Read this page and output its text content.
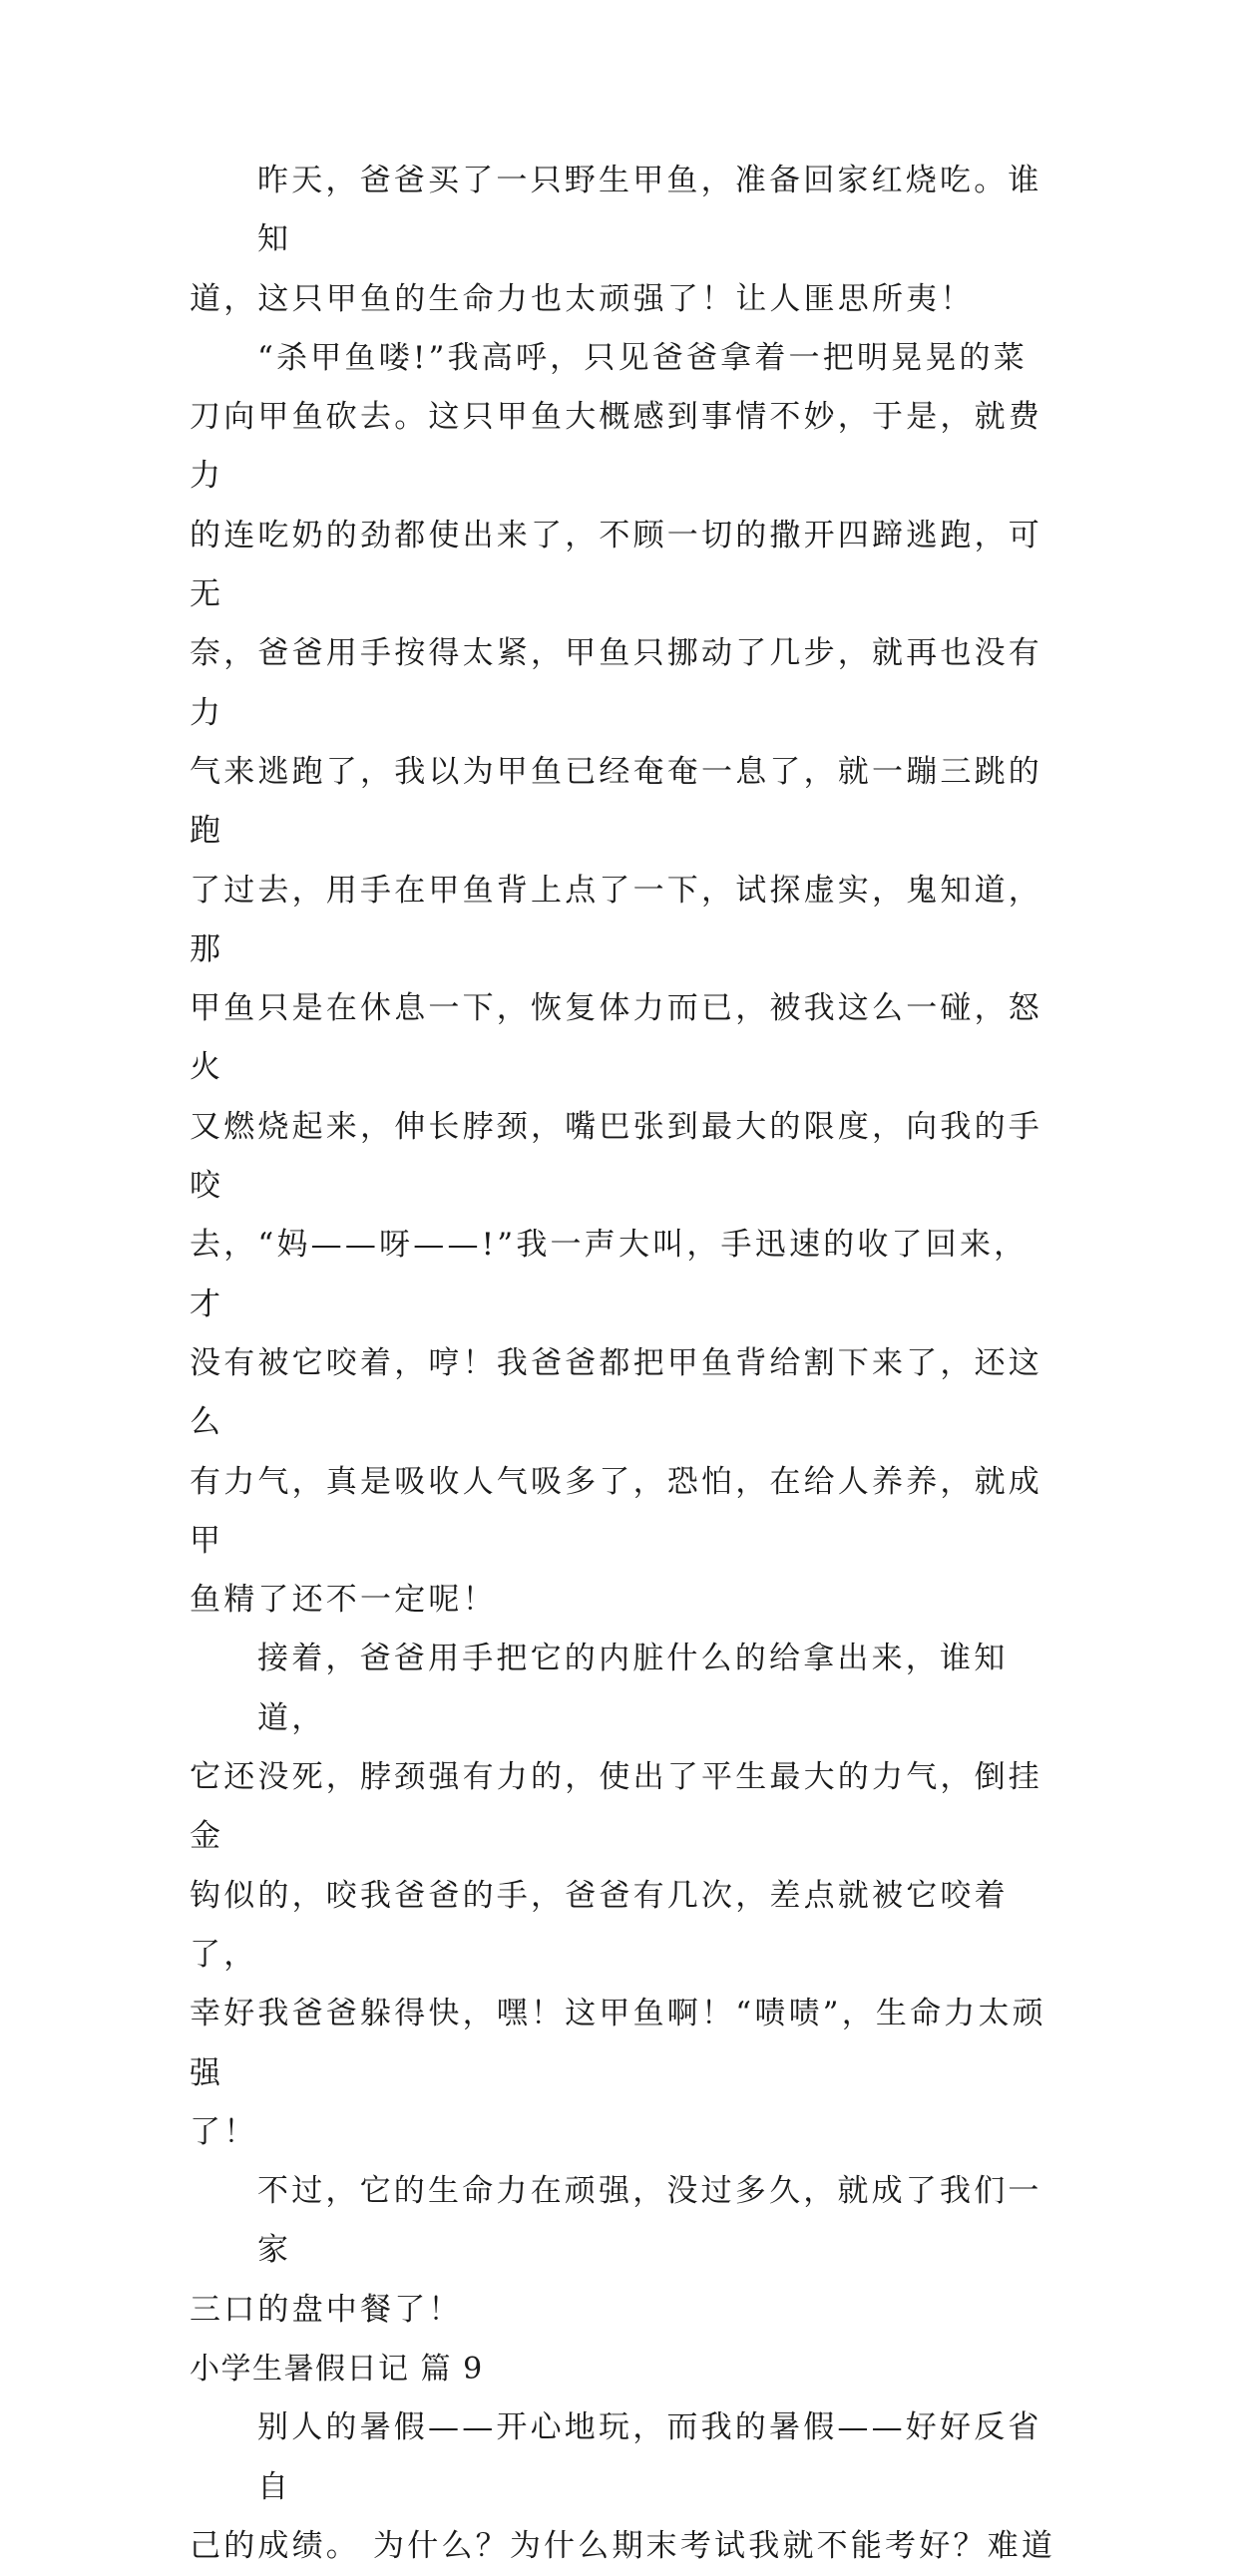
昨天，爸爸买了一只野生甲鱼，准备回家红烧吃。谁知
道，这只甲鱼的生命力也太顽强了！让人匪思所夷！
“杀甲鱼喽!”我高呼，只见爸爸拿着一把明晃晃的菜
刀向甲鱼砍去。这只甲鱼大概感到事情不妙，于是，就费力
的连吃奶的劲都使出来了，不顾一切的撒开四蹄逃跑，可无
奈，爸爸用手按得太紧，甲鱼只挪动了几步，就再也没有力
气来逃跑了，我以为甲鱼已经奄奄一息了，就一蹦三跳的跑
了过去，用手在甲鱼背上点了一下，试探虚实，鬼知道，那
甲鱼只是在休息一下，恢复体力而已，被我这么一碰，怒火
又燃烧起来，伸长脖颈，嘴巴张到最大的限度，向我的手咬
去，“妈——呀——!”我一声大叫，手迅速的收了回来，才
没有被它咬着，哼！我爸爸都把甲鱼背给割下来了，还这么
有力气，真是吸收人气吸多了，恐怕，在给人养养，就成甲
鱼精了还不一定呢！
接着，爸爸用手把它的内脏什么的给拿出来，谁知道，
它还没死，脖颈强有力的，使出了平生最大的力气，倒挂金
钩似的，咬我爸爸的手，爸爸有几次，差点就被它咬着了，
幸好我爸爸躲得快，嘿！这甲鱼啊！“啧啧”，生命力太顽强
了！
不过，它的生命力在顽强，没过多久，就成了我们一家
三口的盘中餐了！
小学生暑假日记 篇 9
别人的暑假——开心地玩，而我的暑假——好好反省自
己的成绩。 为什么？为什么期末考试我就不能考好？难道
